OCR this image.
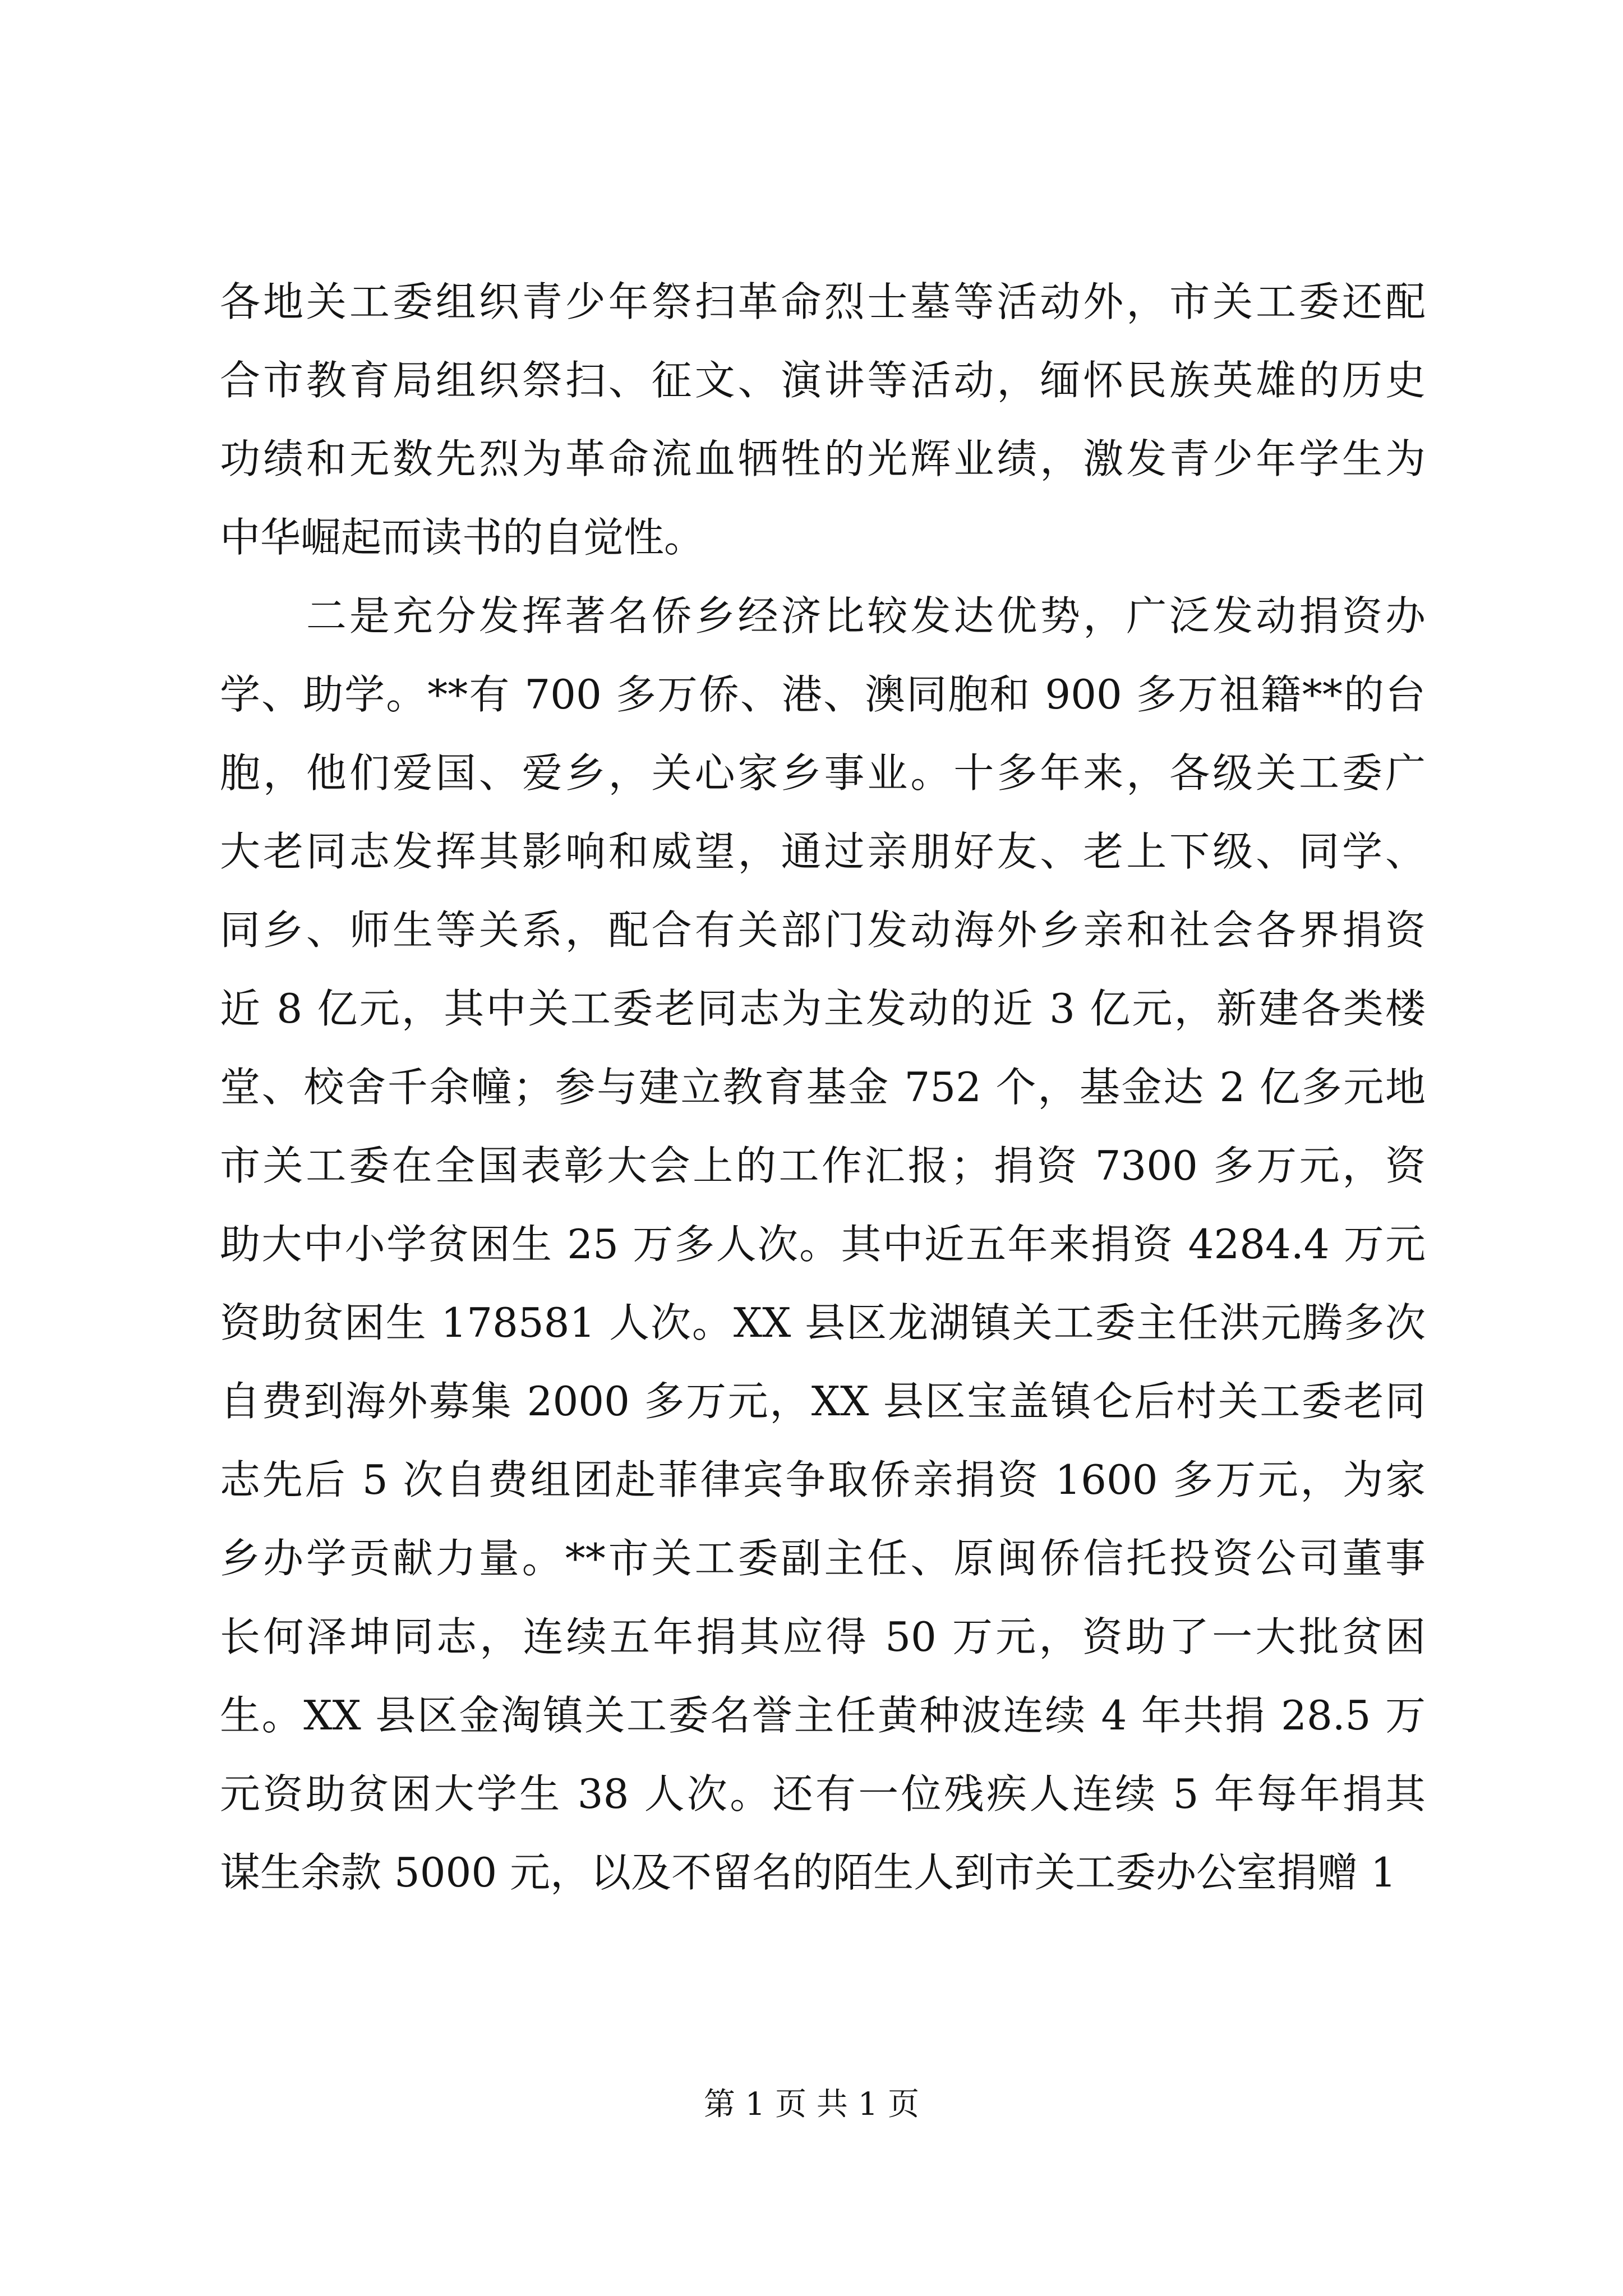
各地关工委组织青少年祭扫革命烈士墓等活动外，市关工委还配
合市教育局组织祭扫、征文、演讲等活动，缅怀民族英雄的历史
功绩和无数先烈为革命流血牺牲的光辉业绩，激发青少年学生为
中华崛起而读书的自觉性。
　　二是充分发挥著名侨乡经济比较发达优势，广泛发动捐资办
学、助学。**有 700 多万侨、港、澳同胞和 900 多万祖籍**的台
胞，他们爱国、爱乡，关心家乡事业。十多年来，各级关工委广
大老同志发挥其影响和威望，通过亲朋好友、老上下级、同学、
同乡、师生等关系，配合有关部门发动海外乡亲和社会各界捐资
近 8 亿元，其中关工委老同志为主发动的近 3 亿元，新建各类楼
堂、校舍千余幢；参与建立教育基金 752 个，基金达 2 亿多元地
市关工委在全国表彰大会上的工作汇报；捐资 7300 多万元，资
助大中小学贫困生 25 万多人次。其中近五年来捐资 4284.4 万元
资助贫困生 178581 人次。XX 县区龙湖镇关工委主任洪元腾多次
自费到海外募集 2000 多万元，XX 县区宝盖镇仑后村关工委老同
志先后 5 次自费组团赴菲律宾争取侨亲捐资 1600 多万元，为家
乡办学贡献力量。**市关工委副主任、原闽侨信托投资公司董事
长何泽坤同志，连续五年捐其应得 50 万元，资助了一大批贫困
生。XX 县区金淘镇关工委名誉主任黄种波连续 4 年共捐 28.5 万
元资助贫困大学生 38 人次。还有一位残疾人连续 5 年每年捐其
谋生余款 5000 元，以及不留名的陌生人到市关工委办公室捐赠 1
第 1 页 共 1 页
